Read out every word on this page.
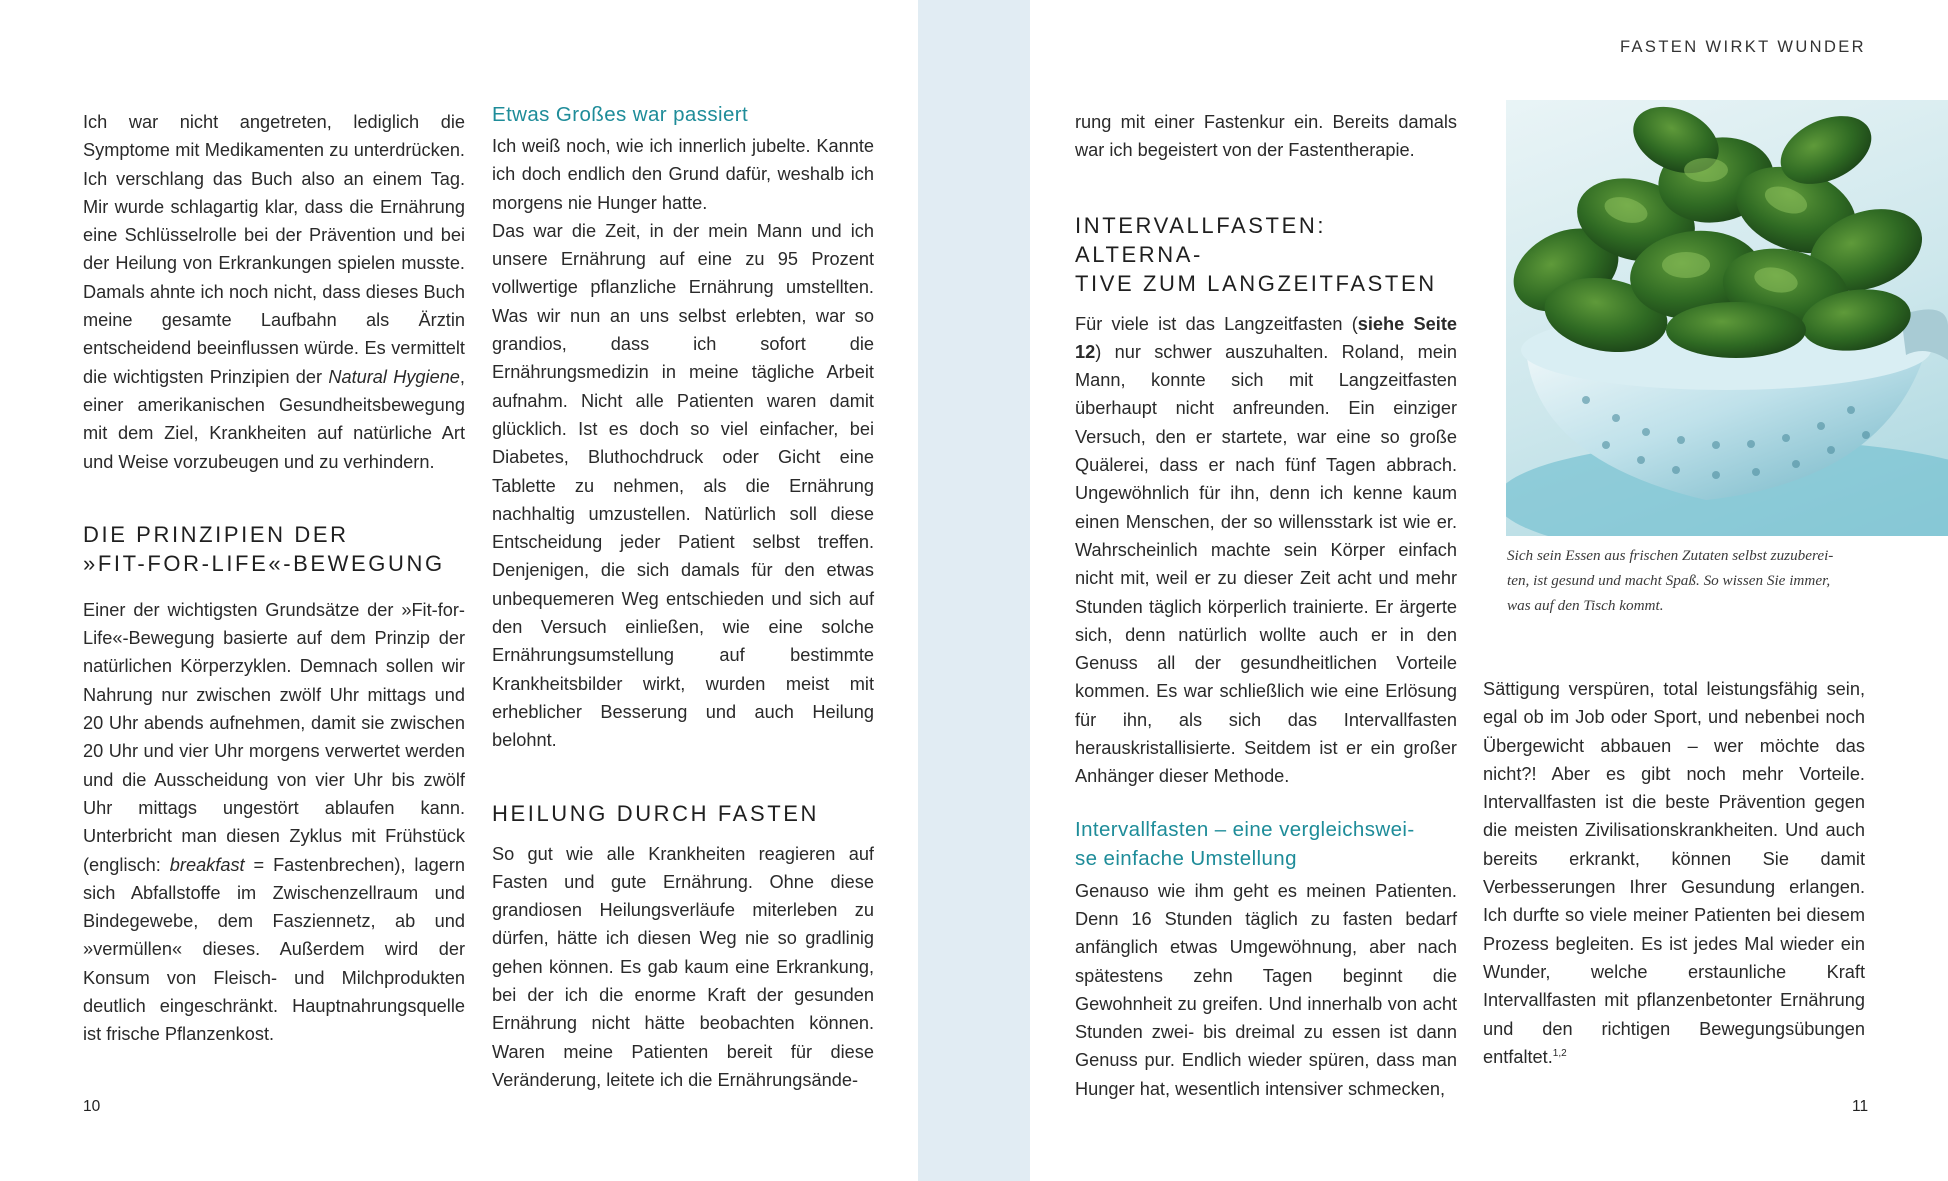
Ich war nicht angetreten, lediglich die Symptome mit Medikamenten zu unterdrücken. Ich verschlang das Buch also an einem Tag. Mir wurde schlagartig klar, dass die Ernährung eine Schlüsselrolle bei der Prävention und bei der Heilung von Erkrankungen spielen musste. Damals ahnte ich noch nicht, dass dieses Buch meine gesamte Laufbahn als Ärztin entscheidend beeinflussen würde. Es vermittelt die wichtigsten Prinzipien der Natural Hygiene, einer amerikanischen Gesundheitsbewegung mit dem Ziel, Krankheiten auf natürliche Art und Weise vorzubeugen und zu verhindern.

DIE PRINZIPIEN DER
»FIT-FOR-LIFE«-BEWEGUNG

Einer der wichtigsten Grundsätze der »Fit-for-Life«-Bewegung basierte auf dem Prinzip der natürlichen Körperzyklen. Demnach sollen wir Nahrung nur zwischen zwölf Uhr mittags und 20 Uhr abends aufnehmen, damit sie zwischen 20 Uhr und vier Uhr morgens verwertet werden und die Ausscheidung von vier Uhr bis zwölf Uhr mittags ungestört ablaufen kann. Unterbricht man diesen Zyklus mit Frühstück (englisch: breakfast = Fastenbrechen), lagern sich Abfallstoffe im Zwischenzellraum und Bindegewebe, dem Fasziennetz, ab und »vermüllen« dieses. Außerdem wird der Konsum von Fleisch- und Milchprodukten deutlich eingeschränkt. Hauptnahrungsquelle ist frische Pflanzenkost.

Etwas Großes war passiert

Ich weiß noch, wie ich innerlich jubelte. Kannte ich doch endlich den Grund dafür, weshalb ich morgens nie Hunger hatte.

Das war die Zeit, in der mein Mann und ich unsere Ernährung auf eine zu 95 Prozent vollwertige pflanzliche Ernährung umstellten. Was wir nun an uns selbst erlebten, war so grandios, dass ich sofort die Ernährungsmedizin in meine tägliche Arbeit aufnahm. Nicht alle Patienten waren damit glücklich. Ist es doch so viel einfacher, bei Diabetes, Bluthochdruck oder Gicht eine Tablette zu nehmen, als die Ernährung nachhaltig umzustellen. Natürlich soll diese Entscheidung jeder Patient selbst treffen. Denjenigen, die sich damals für den etwas unbequemeren Weg entschieden und sich auf den Versuch einließen, wie eine solche Ernährungsumstellung auf bestimmte Krankheitsbilder wirkt, wurden meist mit erheblicher Besserung und auch Heilung belohnt.

HEILUNG DURCH FASTEN

So gut wie alle Krankheiten reagieren auf Fasten und gute Ernährung. Ohne diese grandiosen Heilungsverläufe miterleben zu dürfen, hätte ich diesen Weg nie so gradlinig gehen können. Es gab kaum eine Erkrankung, bei der ich die enorme Kraft der gesunden Ernährung nicht hätte beobachten können. Waren meine Patienten bereit für diese Veränderung, leitete ich die Ernährungsände-

rung mit einer Fastenkur ein. Bereits damals war ich begeistert von der Fastentherapie.

INTERVALLFASTEN: ALTERNA-
TIVE ZUM LANGZEITFASTEN

Für viele ist das Langzeitfasten (siehe Seite 12) nur schwer auszuhalten. Roland, mein Mann, konnte sich mit Langzeitfasten überhaupt nicht anfreunden. Ein einziger Versuch, den er startete, war eine so große Quälerei, dass er nach fünf Tagen abbrach. Ungewöhnlich für ihn, denn ich kenne kaum einen Menschen, der so willensstark ist wie er. Wahrscheinlich machte sein Körper einfach nicht mit, weil er zu dieser Zeit acht und mehr Stunden täglich körperlich trainierte. Er ärgerte sich, denn natürlich wollte auch er in den Genuss all der gesundheitlichen Vorteile kommen. Es war schließlich wie eine Erlösung für ihn, als sich das Intervallfasten herauskristallisierte. Seitdem ist er ein großer Anhänger dieser Methode.

Intervallfasten – eine vergleichswei-
se einfache Umstellung

Genauso wie ihm geht es meinen Patienten. Denn 16 Stunden täglich zu fasten bedarf anfänglich etwas Umgewöhnung, aber nach spätestens zehn Tagen beginnt die Gewohnheit zu greifen. Und innerhalb von acht Stunden zwei- bis dreimal zu essen ist dann Genuss pur. Endlich wieder spüren, dass man Hunger hat, wesentlich intensiver schmecken,

Sättigung verspüren, total leistungsfähig sein, egal ob im Job oder Sport, und nebenbei noch Übergewicht abbauen – wer möchte das nicht?! Aber es gibt noch mehr Vorteile. Intervallfasten ist die beste Prävention gegen die meisten Zivilisationskrankheiten. Und auch bereits erkrankt, können Sie damit Verbesserungen Ihrer Gesundung erlangen. Ich durfte so viele meiner Patienten bei diesem Prozess begleiten. Es ist jedes Mal wieder ein Wunder, welche erstaunliche Kraft Intervallfasten mit pflanzenbetonter Ernährung und den richtigen Bewegungsübungen entfaltet.$^{1,2}$

FASTEN WIRKT WUNDER
Sich sein Essen aus frischen Zutaten selbst zuzuberei-
ten, ist gesund und macht Spaß. So wissen Sie immer,
was auf den Tisch kommt.
10	11
